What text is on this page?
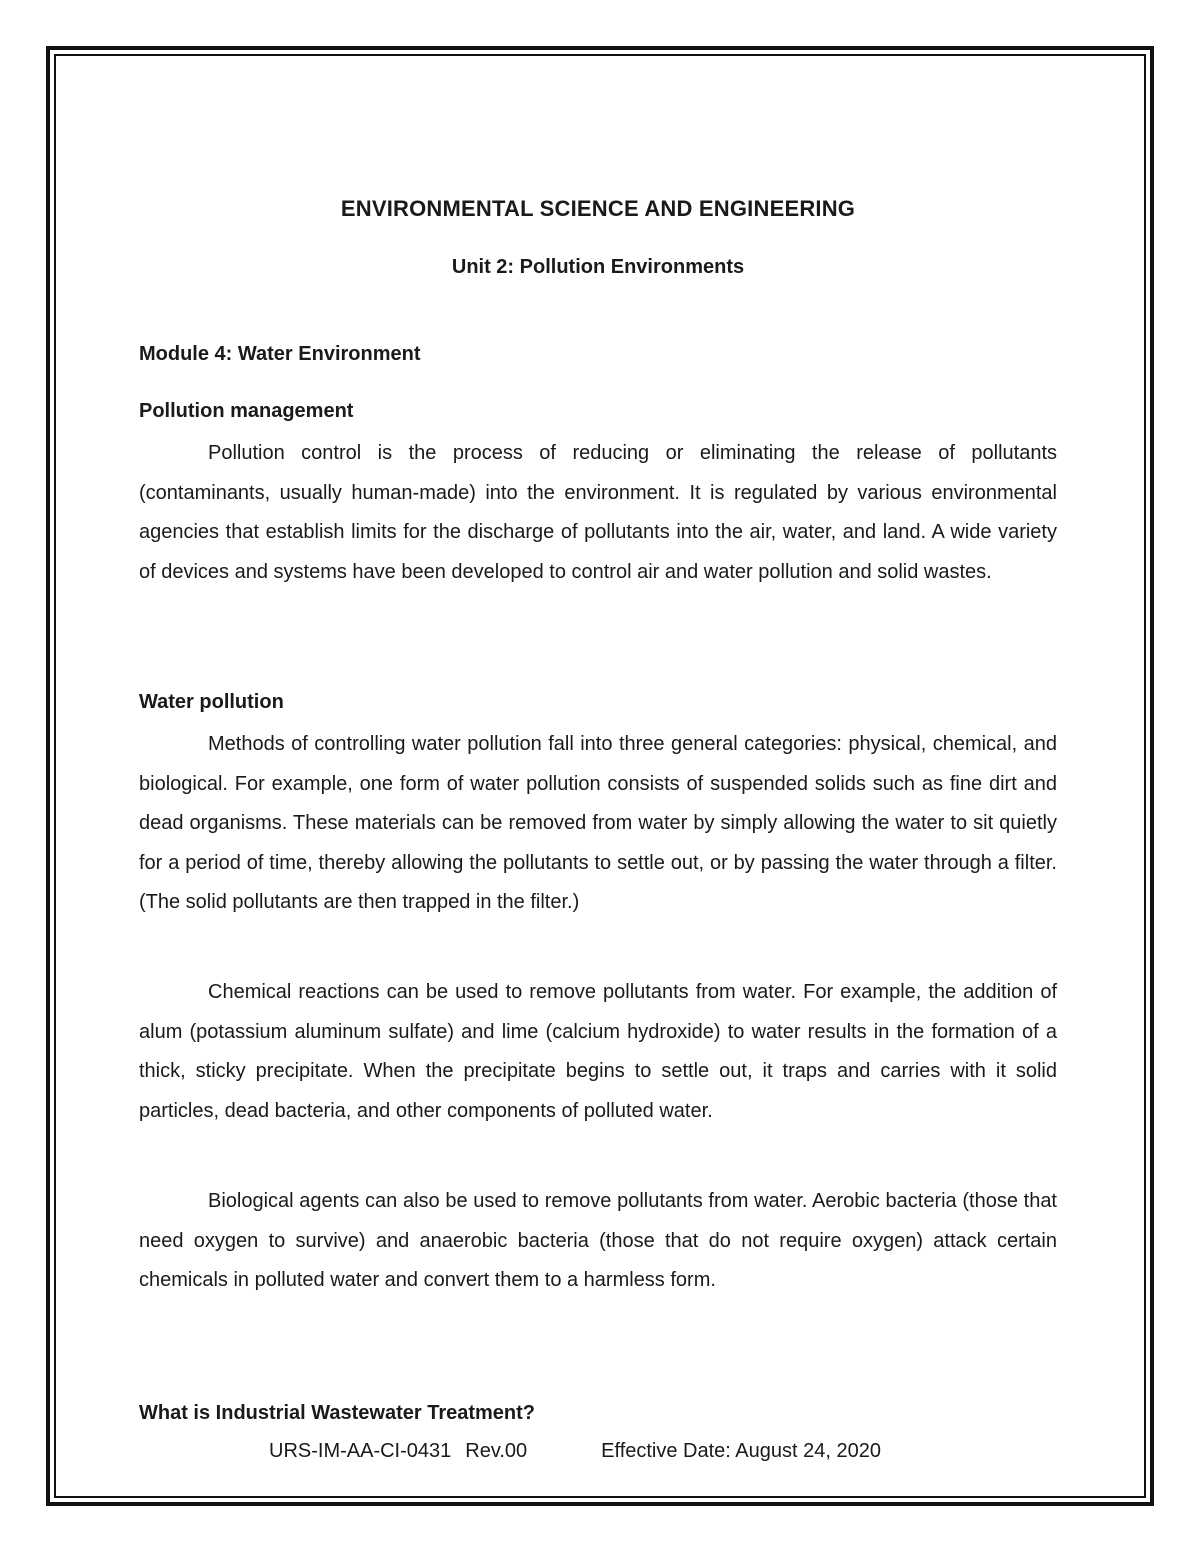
ENVIRONMENTAL SCIENCE AND ENGINEERING
Unit 2: Pollution Environments
Module 4: Water Environment
Pollution management

Pollution control is the process of reducing or eliminating the release of pollutants (contaminants, usually human-made) into the environment. It is regulated by various environmental agencies that establish limits for the discharge of pollutants into the air, water, and land. A wide variety of devices and systems have been developed to control air and water pollution and solid wastes.

Water pollution

Methods of controlling water pollution fall into three general categories: physical, chemical, and biological. For example, one form of water pollution consists of suspended solids such as fine dirt and dead organisms. These materials can be removed from water by simply allowing the water to sit quietly for a period of time, thereby allowing the pollutants to settle out, or by passing the water through a filter. (The solid pollutants are then trapped in the filter.)

Chemical reactions can be used to remove pollutants from water. For example, the addition of alum (potassium aluminum sulfate) and lime (calcium hydroxide) to water results in the formation of a thick, sticky precipitate. When the precipitate begins to settle out, it traps and carries with it solid particles, dead bacteria, and other components of polluted water.

Biological agents can also be used to remove pollutants from water. Aerobic bacteria (those that need oxygen to survive) and anaerobic bacteria (those that do not require oxygen) attack certain chemicals in polluted water and convert them to a harmless form.

What is Industrial Wastewater Treatment?
URS-IM-AA-CI-0431 Rev.00	Effective Date: August 24, 2020
